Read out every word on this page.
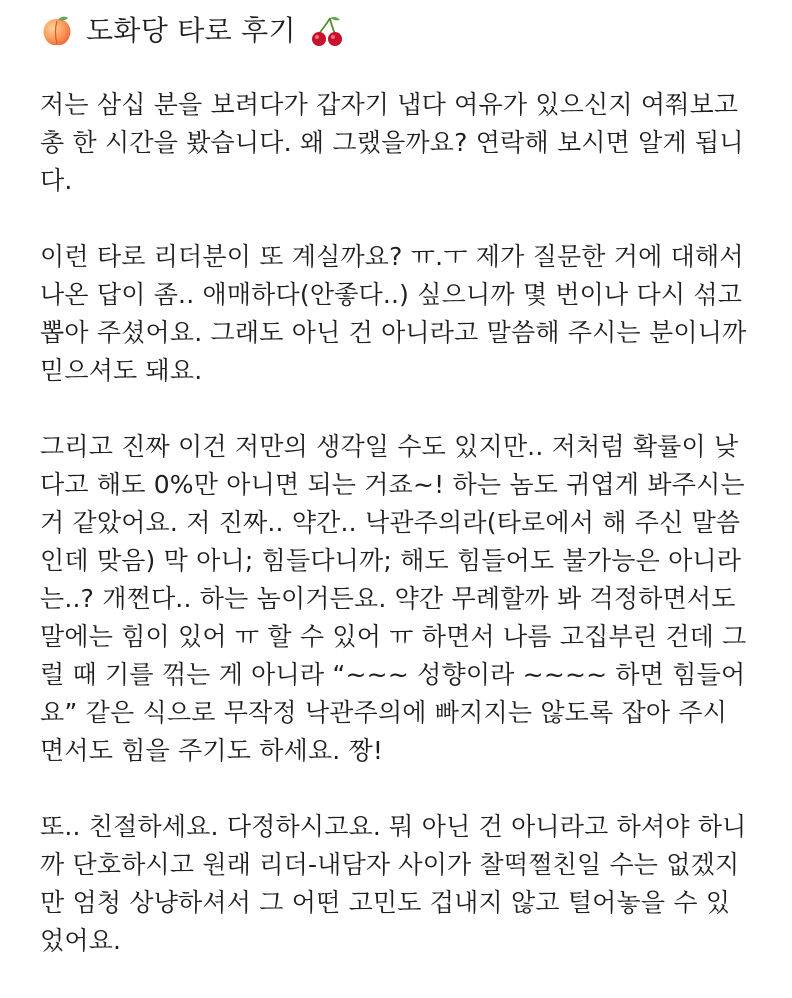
도화당 타로 후기
저는 삼십 분을 보려다가 갑자기 냅다 여유가 있으신지 여쭤보고
총 한 시간을 봤습니다. 왜 그랬을까요? 연락해 보시면 알게 됩니
다.
이런 타로 리더분이 또 계실까요? ㅠ.ㅜ 제가 질문한 거에 대해서
나온 답이 좀.. 애매하다(안좋다..) 싶으니까 몇 번이나 다시 섞고
뽑아 주셨어요. 그래도 아닌 건 아니라고 말씀해 주시는 분이니까
믿으셔도 돼요.
그리고 진짜 이건 저만의 생각일 수도 있지만.. 저처럼 확률이 낮
다고 해도 0%만 아니면 되는 거죠~! 하는 놈도 귀엽게 봐주시는
거 같았어요. 저 진짜.. 약간.. 낙관주의라(타로에서 해 주신 말씀
인데 맞음) 막 아니; 힘들다니까; 해도 힘들어도 불가능은 아니라
는..? 개쩐다.. 하는 놈이거든요. 약간 무례할까 봐 걱정하면서도
말에는 힘이 있어 ㅠ 할 수 있어 ㅠ 하면서 나름 고집부린 건데 그
럴 때 기를 꺾는 게 아니라 “~~~ 성향이라 ~~~~ 하면 힘들어
요” 같은 식으로 무작정 낙관주의에 빠지지는 않도록 잡아 주시
면서도 힘을 주기도 하세요. 짱!
또.. 친절하세요. 다정하시고요. 뭐 아닌 건 아니라고 하셔야 하니
까 단호하시고 원래 리더-내담자 사이가 찰떡쩔친일 수는 없겠지
만 엄청 상냥하셔서 그 어떤 고민도 겁내지 않고 털어놓을 수 있
었어요.
